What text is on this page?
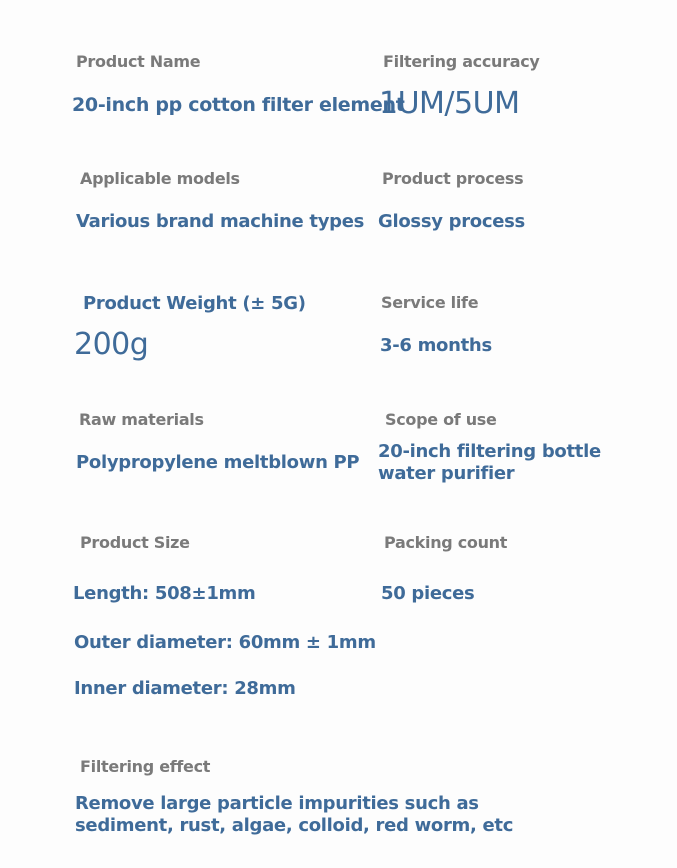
Product Name
20-inch pp cotton filter element
Filtering accuracy
1UM/5UM
Applicable models
Various brand machine types
Product process
Glossy process
Product Weight (± 5G)
200g
Service life
3-6 months
Raw materials
Polypropylene meltblown PP
Scope of use
20-inch filtering bottle water purifier
Product Size
Length: 508±1mm
Outer diameter: 60mm ± 1mm
Inner diameter: 28mm
Packing count
50 pieces
Filtering effect
Remove large particle impurities such as sediment, rust, algae, colloid, red worm, etc
